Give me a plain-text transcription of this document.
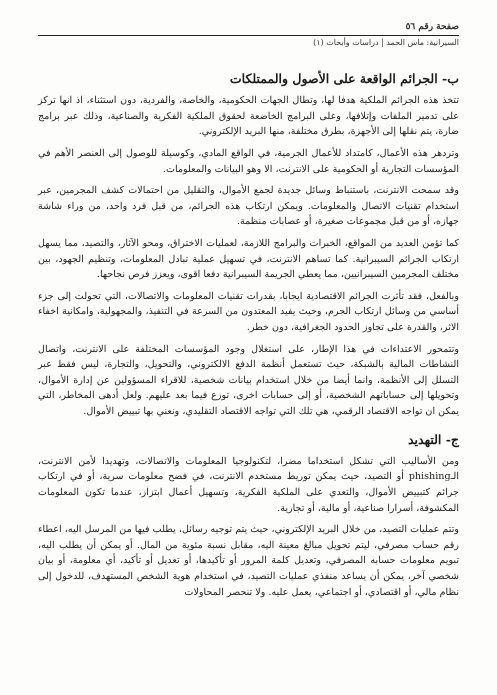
صفحة رقم ٥٦
السيرانية: ماس الحمد | دراسات وأبحاث (١)
ب- الجرائم الواقعة على الأصول والممتلكات

تتخذ هذه الجرائم الملكية هدفا لها، وتطال الجهات الحكومية، والخاصة، والفردية، دون استثناء، اذ انها تركز على تدمير الملفات وإتلافها، وعلى البرامج الخاضعة لحقوق الملكية الفكرية والصناعية، وذلك عبر برامج ضارة، يتم نقلها إلى الأجهزة، بطرق مختلفة، منها البريد الإلكتروني.

وتردهر هذه الأعمال، كامتداد للأعمال الجرمية، في الواقع المادي، وكوسيلة للوصول إلى العنصر الأهم في المؤسسات التجارية أو الحكومية على الانترنت، الا وهو البيانات والمعلومات.

وقد سمحت الانترنت، باستنباط وسائل جديدة لجمع الأموال، والتقليل من احتمالات كشف المجرمين، عبر استخدام تقنيات الاتصال والمعلومات. ويمكن ارتكاب هذه الجرائم، من قبل فرد واحد، من وراء شاشة جهازه، أو من قبل مجموعات صغيرة، أو عصابات منظمة.

كما تؤمن العديد من المواقع، الخبرات والبرامج اللازمة، لعمليات الاختراق، ومحو الآثار، والتصيد، مما يسهل ارتكاب الجرائم السيبرانية. كما تساهم الانترنت، في تسهيل عملية تبادل المعلومات، وتنظيم الجهود، بين مختلف المجرمين السيبرانيين، مما يعطي الجريمة السيبرانية دفعا اقوى، ويعزز فرص نجاحها.

وبالفعل، فقد تأثرت الجرائم الاقتصادية ايجابا، بقدرات تقنيات المعلومات والاتصالات، التي تحولت إلى جزء أساسي من وسائل ارتكاب الجرم، وحيث يفيد المعتدون من السرعة في التنفيذ، والمجهولية، وامكانية اخفاء الاثر، والقدرة على تجاوز الحدود الجغرافية، دون خطر.

وتتمحور الاعتداءات في هذا الإطار، على استغلال وجود المؤسسات المختلفة على الانترنت، واتصال النشاطات المالية بالشبكة، حيث تستعمل أنظمة الدفع الالكتروني، والتحويل، والتجارة، ليس فقط عبر التسلل إلى الأنظمة، وانما أيضا من خلال استخدام بيانات شخصية، للاقراء المسؤولين عن إدارة الأموال، وتحويلها إلى حساباتهم الشخصية، أو إلى حسابات اخرى، توزع فيما بعد عليهم. ولعل أدهى المخاطر، التي يمكن ان تواجه الاقتصاد الرقمي، هي تلك التي تواجه الاقتصاد التقليدي، ونعني بها تبييض الأموال.

ج- التهديد

ومن الأساليب التي تشكل استخداما مضرا، لتكنولوجيا المعلومات والاتصالات، وتهديدا لأمن الانترنت، الـphishing أو التصيد، حيث يمكن توريط مستخدم الانترنت، في فضح معلومات سرية، أو في ارتكاب جرائم كتبييض الأموال، والتعدي على الملكية الفكرية، وتسهيل أعمال ابتزاز، عندما تكون المعلومات المكشوفة، أسرارا صناعية، أو مالية، أو تجارية.

وتتم عمليات التصيد، من خلال البريد الإلكتروني، حيث يتم توجيه رسائل، يطلب فيها من المرسل اليه، اعطاء رقم حساب مصرفي، ليتم تحويل مبالغ معينة اليه، مقابل نسبة مئوية من المال. أو يمكن أن يطلب اليه، تبويم معلومات حسابه المصرفي، وتعديل كلمة المرور أو تأكيدها، أو تعديل أو تأكيد، أي معلومة، أو بيان شخصي آخر، يمكن أن يساعد منفذي عمليات التصيد، في استخدام هوية الشخص المستهدف، للدخول إلى نظام مالي، أو اقتصادي، أو اجتماعي، يعمل عليه. ولا تنحصر المحاولات
